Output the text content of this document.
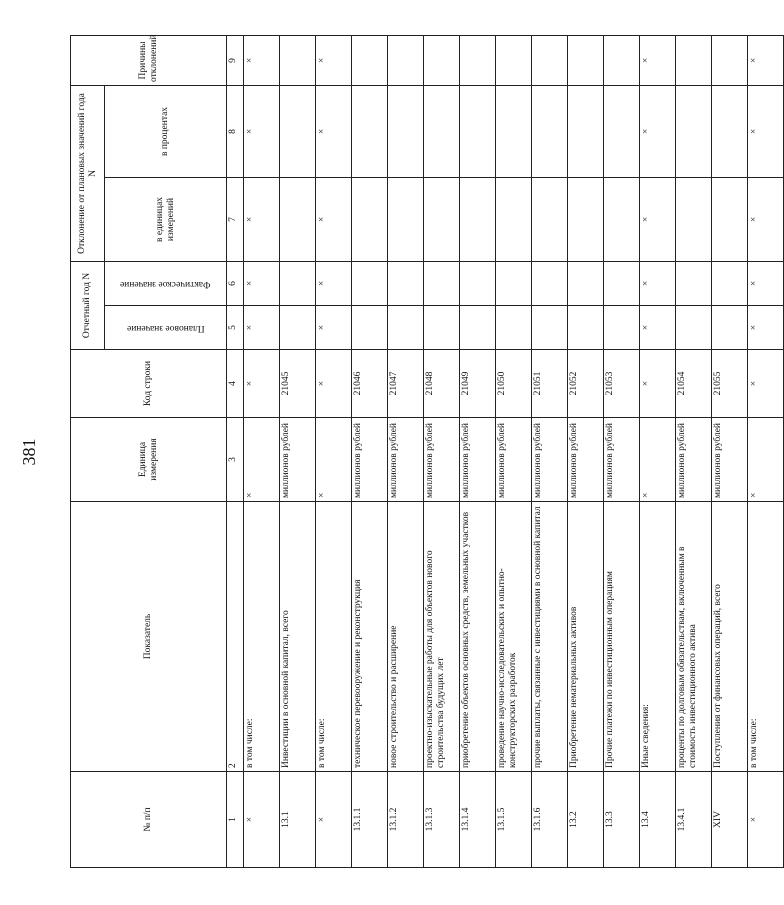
381
№ п/п	Показатель	Единица измерения	Код строки	Отчетный год N		Отклонение от плановых значений года N		Причины отклонений

				Плановое значение	Фактическое значение	в единицах измерений	в процентах	

1	2	3	4	5	6	7	8	9
×	в том числе:	×	×	×	×	×	×	×
13.1	Инвестиции в основной капитал, всего	миллионов рублей	21045					
×	в том числе:	×	×	×	×	×	×	×
13.1.1	техническое перевооружение и реконструкция	миллионов рублей	21046					
13.1.2	новое строительство и расширение	миллионов рублей	21047					
13.1.3	проектно-изыскательные работы для объектов нового строительства будущих лет	миллионов рублей	21048					
13.1.4	приобретение объектов основных средств, земельных участков	миллионов рублей	21049					
13.1.5	проведение научно-исследовательских и опытно-конструкторских разработок	миллионов рублей	21050					
13.1.6	прочие выплаты, связанные с инвестициями в основной капитал	миллионов рублей	21051					
13.2	Приобретение нематериальных активов	миллионов рублей	21052					
13.3	Прочие платежи по инвестиционным операциям	миллионов рублей	21053					
13.4	Иные сведения:	×	×	×	×	×	×	×
13.4.1	проценты по долговым обязательствам, включенным в стоимость инвестиционного актива	миллионов рублей	21054					
XIV	Поступления от финансовых операций, всего	миллионов рублей	21055					
×	в том числе:	×	×	×	×	×	×	×
